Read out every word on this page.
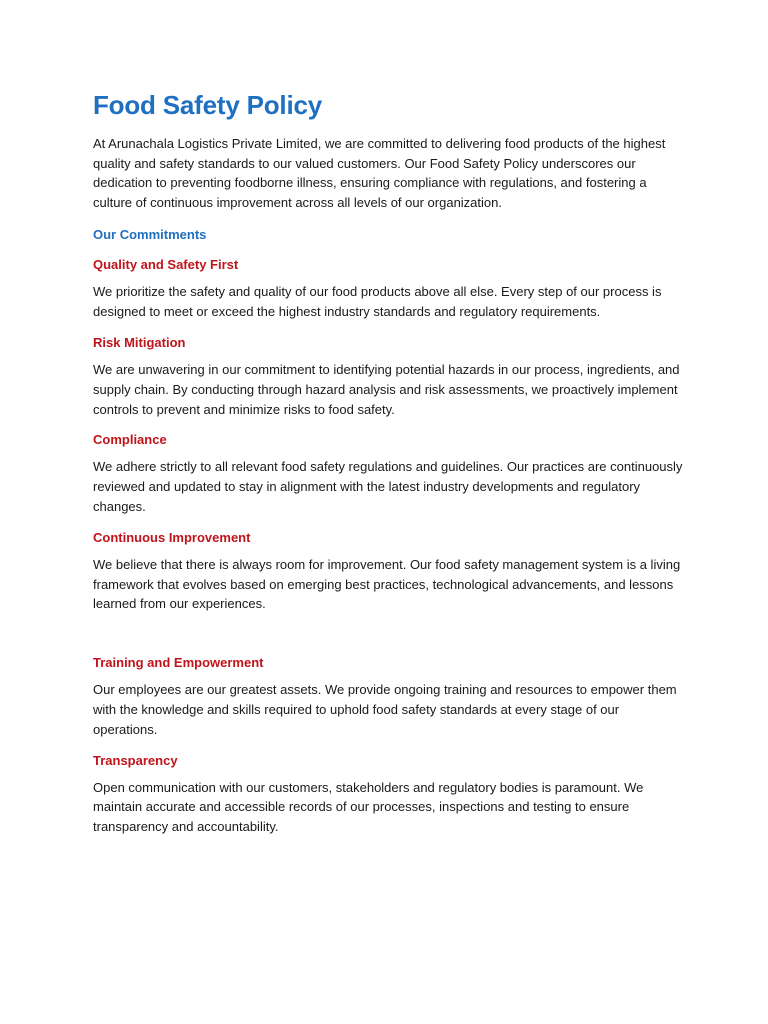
Food Safety Policy

At Arunachala Logistics Private Limited, we are committed to delivering food products of the highest quality and safety standards to our valued customers. Our Food Safety Policy underscores our dedication to preventing foodborne illness, ensuring compliance with regulations, and fostering a culture of continuous improvement across all levels of our organization.

Our Commitments
Quality and Safety First

We prioritize the safety and quality of our food products above all else. Every step of our process is designed to meet or exceed the highest industry standards and regulatory requirements.

Risk Mitigation

We are unwavering in our commitment to identifying potential hazards in our process, ingredients, and supply chain. By conducting through hazard analysis and risk assessments, we proactively implement controls to prevent and minimize risks to food safety.

Compliance

We adhere strictly to all relevant food safety regulations and guidelines. Our practices are continuously reviewed and updated to stay in alignment with the latest industry developments and regulatory changes.

Continuous Improvement

We believe that there is always room for improvement. Our food safety management system is a living framework that evolves based on emerging best practices, technological advancements, and lessons learned from our experiences.

Training and Empowerment

Our employees are our greatest assets. We provide ongoing training and resources to empower them with the knowledge and skills required to uphold food safety standards at every stage of our operations.

Transparency

Open communication with our customers, stakeholders and regulatory bodies is paramount. We maintain accurate and accessible records of our processes, inspections and testing to ensure transparency and accountability.
